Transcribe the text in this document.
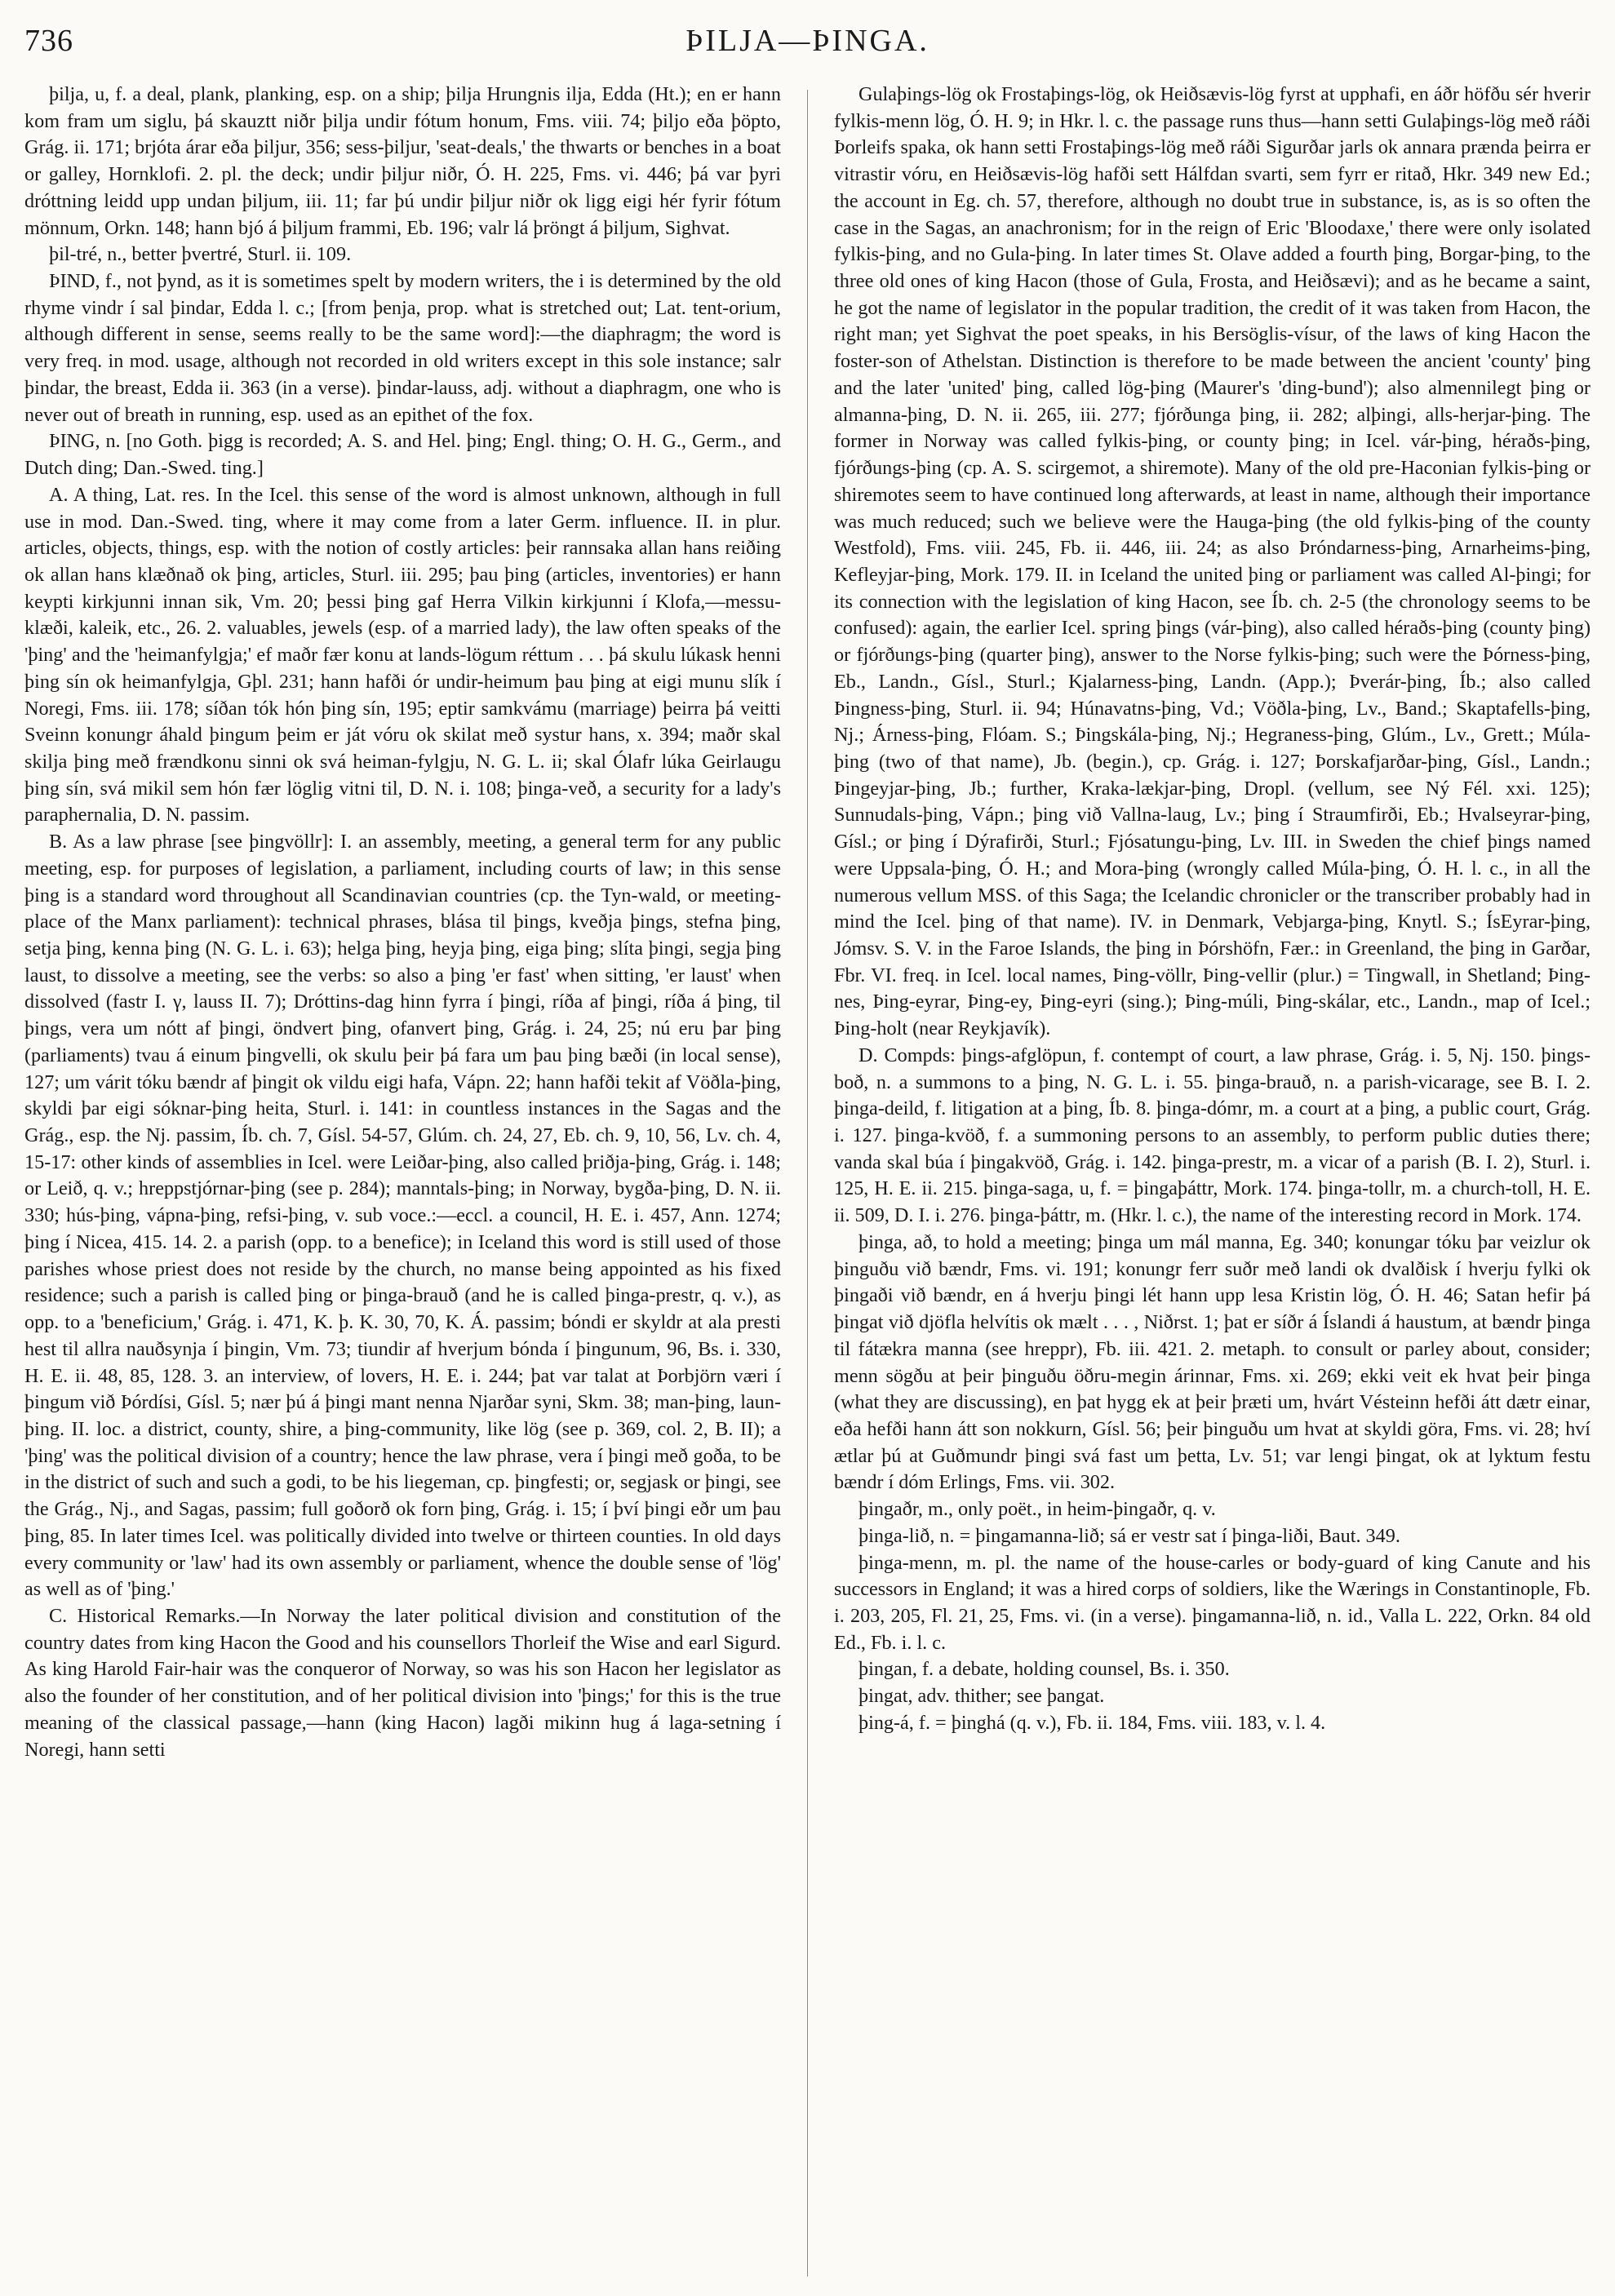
736	ÞILJA—ÞINGA.

þilja, u, f. a deal, plank, planking, esp. on a ship; þilja Hrungnis ilja, Edda (Ht.); en er hann kom fram um siglu, þá skauztt niðr þilja undir fótum honum, Fms. viii. 74; þiljo eða þöpto, Grág. ii. 171; brjóta árar eða þiljur, 356; sess-þiljur, 'seat-deals,' the thwarts or benches in a boat or galley, Hornklofi. 2. pl. the deck; undir þiljur niðr, Ó. H. 225, Fms. vi. 446; þá var þyri dróttning leidd upp undan þiljum, iii. 11; far þú undir þiljur niðr ok ligg eigi hér fyrir fótum mönnum, Orkn. 148; hann bjó á þiljum frammi, Eb. 196; valr lá þröngt á þiljum, Sighvat.

þil-tré, n., better þvertré, Sturl. ii. 109.

ÞIND, f., not þynd, as it is sometimes spelt by modern writers, the i is determined by the old rhyme vindr í sal þindar, Edda l. c.; [from þenja, prop. what is stretched out; Lat. tent-orium, although different in sense, seems really to be the same word]:—the diaphragm; the word is very freq. in mod. usage, although not recorded in old writers except in this sole instance; salr þindar, the breast, Edda ii. 363 (in a verse). þindar-lauss, adj. without a diaphragm, one who is never out of breath in running, esp. used as an epithet of the fox.

ÞING, n. [no Goth. þigg is recorded; A. S. and Hel. þing; Engl. thing; O. H. G., Germ., and Dutch ding; Dan.-Swed. ting.]

A. A thing, Lat. res. In the Icel. this sense of the word is almost unknown, although in full use in mod. Dan.-Swed. ting, where it may come from a later Germ. influence. II. in plur. articles, objects, things, esp. with the notion of costly articles: þeir rannsaka allan hans reiðing ok allan hans klæðnað ok þing, articles, Sturl. iii. 295; þau þing (articles, inventories) er hann keypti kirkjunni innan sik, Vm. 20; þessi þing gaf Herra Vilkin kirkjunni í Klofa,—messu-klæði, kaleik, etc., 26. 2. valuables, jewels (esp. of a married lady), the law often speaks of the 'þing' and the 'heimanfylgja;' ef maðr fær konu at lands-lögum réttum . . . þá skulu lúkask henni þing sín ok heimanfylgja, Gþl. 231; hann hafði ór undir-heimum þau þing at eigi munu slík í Noregi, Fms. iii. 178; síðan tók hón þing sín, 195; eptir samkvámu (marriage) þeirra þá veitti Sveinn konungr áhald þingum þeim er ját vóru ok skilat með systur hans, x. 394; maðr skal skilja þing með frændkonu sinni ok svá heiman-fylgju, N. G. L. ii; skal Ólafr lúka Geirlaugu þing sín, svá mikil sem hón fær löglig vitni til, D. N. i. 108; þinga-veð, a security for a lady's paraphernalia, D. N. passim.

B. As a law phrase [see þingvöllr]: I. an assembly, meeting, a general term for any public meeting, esp. for purposes of legislation, a parliament, including courts of law; in this sense þing is a standard word throughout all Scandinavian countries (cp. the Tyn-wald, or meeting-place of the Manx parliament): technical phrases, blása til þings, kveðja þings, stefna þing, setja þing, kenna þing (N. G. L. i. 63); helga þing, heyja þing, eiga þing; slíta þingi, segja þing laust, to dissolve a meeting, see the verbs: so also a þing 'er fast' when sitting, 'er laust' when dissolved (fastr I. γ, lauss II. 7); Dróttins-dag hinn fyrra í þingi, ríða af þingi, ríða á þing, til þings, vera um nótt af þingi, öndvert þing, ofanvert þing, Grág. i. 24, 25; nú eru þar þing (parliaments) tvau á einum þingvelli, ok skulu þeir þá fara um þau þing bæði (in local sense), 127; um várit tóku bændr af þingit ok vildu eigi hafa, Vápn. 22; hann hafði tekit af Vöðla-þing, skyldi þar eigi sóknar-þing heita, Sturl. i. 141: in countless instances in the Sagas and the Grág., esp. the Nj. passim, Íb. ch. 7, Gísl. 54-57, Glúm. ch. 24, 27, Eb. ch. 9, 10, 56, Lv. ch. 4, 15-17: other kinds of assemblies in Icel. were Leiðar-þing, also called þriðja-þing, Grág. i. 148; or Leið, q. v.; hreppstjórnar-þing (see p. 284); manntals-þing; in Norway, bygða-þing, D. N. ii. 330; hús-þing, vápna-þing, refsi-þing, v. sub voce.:—eccl. a council, H. E. i. 457, Ann. 1274; þing í Nicea, 415. 14. 2. a parish (opp. to a benefice); in Iceland this word is still used of those parishes whose priest does not reside by the church, no manse being appointed as his fixed residence; such a parish is called þing or þinga-brauð (and he is called þinga-prestr, q. v.), as opp. to a 'beneficium,' Grág. i. 471, K. þ. K. 30, 70, K. Á. passim; bóndi er skyldr at ala presti hest til allra nauðsynja í þingin, Vm. 73; tiundir af hverjum bónda í þingunum, 96, Bs. i. 330, H. E. ii. 48, 85, 128. 3. an interview, of lovers, H. E. i. 244; þat var talat at Þorbjörn væri í þingum við Þórdísi, Gísl. 5; nær þú á þingi mant nenna Njarðar syni, Skm. 38; man-þing, laun-þing. II. loc. a district, county, shire, a þing-community, like lög (see p. 369, col. 2, B. II); a 'þing' was the political division of a country; hence the law phrase, vera í þingi með goða, to be in the district of such and such a godi, to be his liegeman, cp. þingfesti; or, segjask or þingi, see the Grág., Nj., and Sagas, passim; full goðorð ok forn þing, Grág. i. 15; í því þingi eðr um þau þing, 85. In later times Icel. was politically divided into twelve or thirteen counties. In old days every community or 'law' had its own assembly or parliament, whence the double sense of 'lög' as well as of 'þing.'

C. Historical Remarks.—In Norway the later political division and constitution of the country dates from king Hacon the Good and his counsellors Thorleif the Wise and earl Sigurd. As king Harold Fair-hair was the conqueror of Norway, so was his son Hacon her legislator as also the founder of her constitution, and of her political division into 'þings;' for this is the true meaning of the classical passage,—hann (king Hacon) lagði mikinn hug á laga-setning í Noregi, hann setti

Gulaþings-lög ok Frostaþings-lög, ok Heiðsævis-lög fyrst at upphafi, en áðr höfðu sér hverir fylkis-menn lög, Ó. H. 9; in Hkr. l. c. the passage runs thus—hann setti Gulaþings-lög með ráði Þorleifs spaka, ok hann setti Frostaþings-lög með ráði Sigurðar jarls ok annara prænda þeirra er vitrastir vóru, en Heiðsævis-lög hafði sett Hálfdan svarti, sem fyrr er ritað, Hkr. 349 new Ed.; the account in Eg. ch. 57, therefore, although no doubt true in substance, is, as is so often the case in the Sagas, an anachronism; for in the reign of Eric 'Bloodaxe,' there were only isolated fylkis-þing, and no Gula-þing. In later times St. Olave added a fourth þing, Borgar-þing, to the three old ones of king Hacon (those of Gula, Frosta, and Heiðsævi); and as he became a saint, he got the name of legislator in the popular tradition, the credit of it was taken from Hacon, the right man; yet Sighvat the poet speaks, in his Bersöglis-vísur, of the laws of king Hacon the foster-son of Athelstan. Distinction is therefore to be made between the ancient 'county' þing and the later 'united' þing, called lög-þing (Maurer's 'ding-bund'); also almennilegt þing or almanna-þing, D. N. ii. 265, iii. 277; fjórðunga þing, ii. 282; alþingi, alls-herjar-þing. The former in Norway was called fylkis-þing, or county þing; in Icel. vár-þing, héraðs-þing, fjórðungs-þing (cp. A. S. scirgemot, a shiremote). Many of the old pre-Haconian fylkis-þing or shiremotes seem to have continued long afterwards, at least in name, although their importance was much reduced; such we believe were the Hauga-þing (the old fylkis-þing of the county Westfold), Fms. viii. 245, Fb. ii. 446, iii. 24; as also Þróndarness-þing, Arnarheims-þing, Kefleyjar-þing, Mork. 179. II. in Iceland the united þing or parliament was called Al-þingi; for its connection with the legislation of king Hacon, see Íb. ch. 2-5 (the chronology seems to be confused): again, the earlier Icel. spring þings (vár-þing), also called héraðs-þing (county þing) or fjórðungs-þing (quarter þing), answer to the Norse fylkis-þing; such were the Þórness-þing, Eb., Landn., Gísl., Sturl.; Kjalarness-þing, Landn. (App.); Þverár-þing, Íb.; also called Þingness-þing, Sturl. ii. 94; Húnavatns-þing, Vd.; Vöðla-þing, Lv., Band.; Skaptafells-þing, Nj.; Árness-þing, Flóam. S.; Þingskála-þing, Nj.; Hegraness-þing, Glúm., Lv., Grett.; Múla-þing (two of that name), Jb. (begin.), cp. Grág. i. 127; Þorskafjarðar-þing, Gísl., Landn.; Þingeyjar-þing, Jb.; further, Kraka-lækjar-þing, Dropl. (vellum, see Ný Fél. xxi. 125); Sunnudals-þing, Vápn.; þing við Vallna-laug, Lv.; þing í Straumfirði, Eb.; Hvalseyrar-þing, Gísl.; or þing í Dýrafirði, Sturl.; Fjósatungu-þing, Lv. III. in Sweden the chief þings named were Uppsala-þing, Ó. H.; and Mora-þing (wrongly called Múla-þing, Ó. H. l. c., in all the numerous vellum MSS. of this Saga; the Icelandic chronicler or the transcriber probably had in mind the Icel. þing of that name). IV. in Denmark, Vebjarga-þing, Knytl. S.; ÍsEyrar-þing, Jómsv. S. V. in the Faroe Islands, the þing in Þórshöfn, Fær.: in Greenland, the þing in Garðar, Fbr. VI. freq. in Icel. local names, Þing-völlr, Þing-vellir (plur.) = Tingwall, in Shetland; Þing-nes, Þing-eyrar, Þing-ey, Þing-eyri (sing.); Þing-múli, Þing-skálar, etc., Landn., map of Icel.; Þing-holt (near Reykjavík).

D. Compds: þings-afglöpun, f. contempt of court, a law phrase, Grág. i. 5, Nj. 150. þings-boð, n. a summons to a þing, N. G. L. i. 55. þinga-brauð, n. a parish-vicarage, see B. I. 2. þinga-deild, f. litigation at a þing, Íb. 8. þinga-dómr, m. a court at a þing, a public court, Grág. i. 127. þinga-kvöð, f. a summoning persons to an assembly, to perform public duties there; vanda skal búa í þingakvöð, Grág. i. 142. þinga-prestr, m. a vicar of a parish (B. I. 2), Sturl. i. 125, H. E. ii. 215. þinga-saga, u, f. = þingaþáttr, Mork. 174. þinga-tollr, m. a church-toll, H. E. ii. 509, D. I. i. 276. þinga-þáttr, m. (Hkr. l. c.), the name of the interesting record in Mork. 174.

þinga, að, to hold a meeting; þinga um mál manna, Eg. 340; konungar tóku þar veizlur ok þinguðu við bændr, Fms. vi. 191; konungr ferr suðr með landi ok dvalðisk í hverju fylki ok þingaði við bændr, en á hverju þingi lét hann upp lesa Kristin lög, Ó. H. 46; Satan hefir þá þingat við djöfla helvítis ok mælt . . . , Niðrst. 1; þat er síðr á Íslandi á haustum, at bændr þinga til fátækra manna (see hreppr), Fb. iii. 421. 2. metaph. to consult or parley about, consider; menn sögðu at þeir þinguðu öðru-megin árinnar, Fms. xi. 269; ekki veit ek hvat þeir þinga (what they are discussing), en þat hygg ek at þeir þræti um, hvárt Vésteinn hefði átt dætr einar, eða hefði hann átt son nokkurn, Gísl. 56; þeir þinguðu um hvat at skyldi göra, Fms. vi. 28; hví ætlar þú at Guðmundr þingi svá fast um þetta, Lv. 51; var lengi þingat, ok at lyktum festu bændr í dóm Erlings, Fms. vii. 302.

þingaðr, m., only poët., in heim-þingaðr, q. v.

þinga-lið, n. = þingamanna-lið; sá er vestr sat í þinga-liði, Baut. 349.

þinga-menn, m. pl. the name of the house-carles or body-guard of king Canute and his successors in England; it was a hired corps of soldiers, like the Wærings in Constantinople, Fb. i. 203, 205, Fl. 21, 25, Fms. vi. (in a verse). þingamanna-lið, n. id., Valla L. 222, Orkn. 84 old Ed., Fb. i. l. c.

þingan, f. a debate, holding counsel, Bs. i. 350.

þingat, adv. thither; see þangat.

þing-á, f. = þinghá (q. v.), Fb. ii. 184, Fms. viii. 183, v. l. 4.
